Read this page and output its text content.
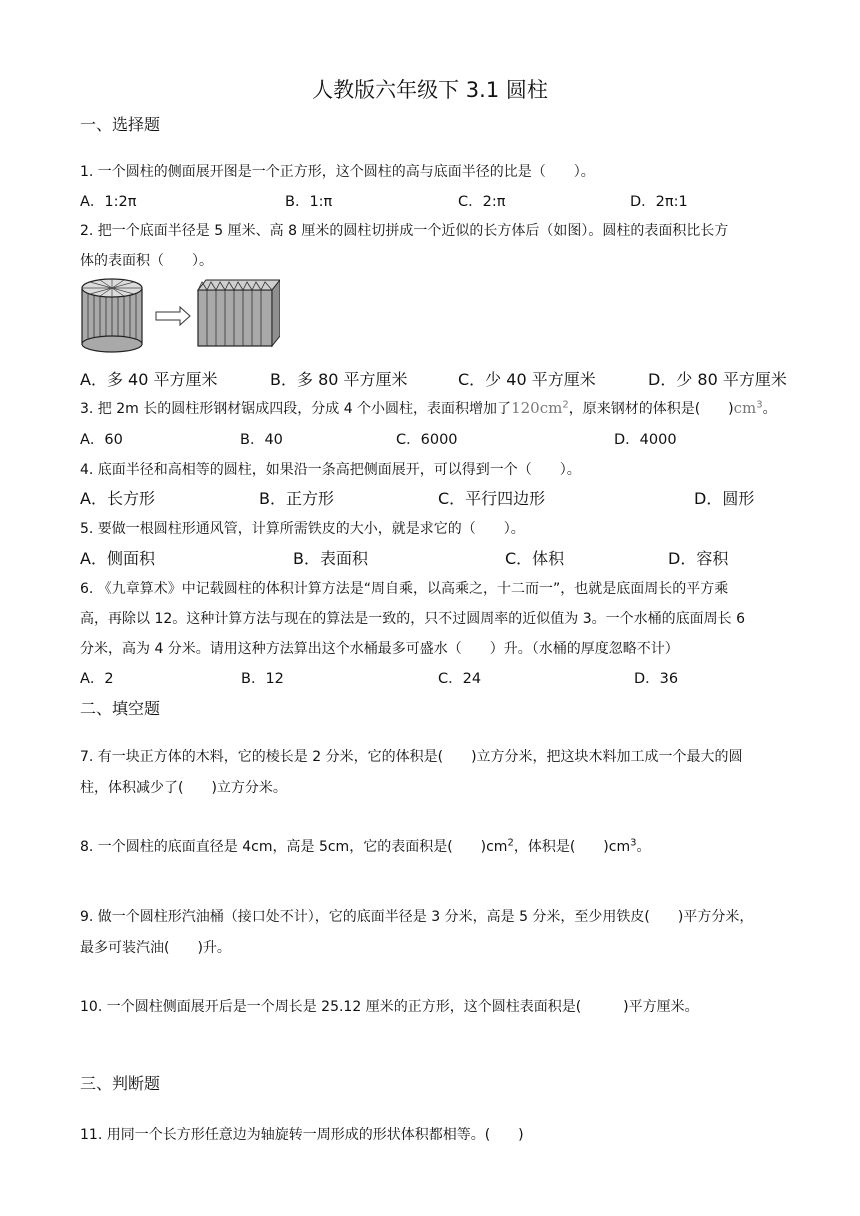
人教版六年级下 3.1 圆柱
一、选择题
1. 一个圆柱的侧面展开图是一个正方形，这个圆柱的高与底面半径的比是（　　）。
A．1:2π	B．1:π	C．2:π	D．2π:1
2. 把一个底面半径是 5 厘米、高 8 厘米的圆柱切拼成一个近似的长方体后（如图）。圆柱的表面积比长方
体的表面积（　　）。
A．多 40 平方厘米	B．多 80 平方厘米	C．少 40 平方厘米	D．少 80 平方厘米
3. 把 2m 长的圆柱形钢材锯成四段，分成 4 个小圆柱，表面积增加了$120cm^2$，原来钢材的体积是(　　)$cm^3$。
A．60	B．40	C．6000	D．4000
4. 底面半径和高相等的圆柱，如果沿一条高把侧面展开，可以得到一个（　　）。
A．长方形	B．正方形	C．平行四边形	D．圆形
5. 要做一根圆柱形通风管，计算所需铁皮的大小，就是求它的（　　）。
A．侧面积	B．表面积	C．体积	D．容积
6. 《九章算术》中记载圆柱的体积计算方法是“周自乘，以高乘之，十二而一”，也就是底面周长的平方乘
高，再除以 12。这种计算方法与现在的算法是一致的，只不过圆周率的近似值为 3。一个水桶的底面周长 6
分米，高为 4 分米。请用这种方法算出这个水桶最多可盛水（　　）升。（水桶的厚度忽略不计）
A．2	B．12	C．24	D．36
二、填空题
7. 有一块正方体的木料，它的棱长是 2 分米，它的体积是(　　)立方分米，把这块木料加工成一个最大的圆
柱，体积减少了(　　)立方分米。
8. 一个圆柱的底面直径是 4cm，高是 5cm，它的表面积是(　　)$cm^2$，体积是(　　)$cm^3$。
9. 做一个圆柱形汽油桶（接口处不计），它的底面半径是 3 分米，高是 5 分米，至少用铁皮(　　)平方分米，
最多可装汽油(　　)升。
10. 一个圆柱侧面展开后是一个周长是 25.12 厘米的正方形，这个圆柱表面积是(　　　)平方厘米。
三、判断题
11. 用同一个长方形任意边为轴旋转一周形成的形状体积都相等。(　　)
